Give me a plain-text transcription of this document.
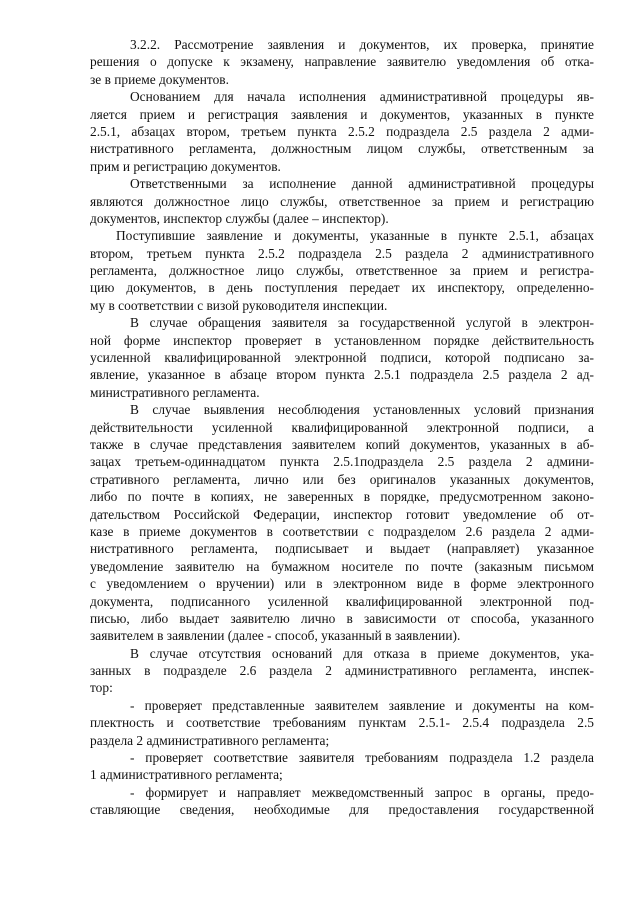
3.2.2. Рассмотрение заявления и документов, их проверка, принятие
решения о допуске к экзамену, направление заявителю уведомления об отка-
зе в приеме документов.
Основанием для начала исполнения административной процедуры яв-
ляется прием и регистрация заявления и документов, указанных в пункте
2.5.1, абзацах втором, третьем пункта 2.5.2 подраздела 2.5 раздела 2 адми-
нистративного регламента, должностным лицом службы, ответственным за
прим и регистрацию документов.
Ответственными за исполнение данной административной процедуры
являются должностное лицо службы, ответственное за прием и регистрацию
документов, инспектор службы (далее – инспектор).
Поступившие заявление и документы, указанные в пункте 2.5.1, абзацах
втором, третьем пункта 2.5.2 подраздела 2.5 раздела 2 административного
регламента, должностное лицо службы, ответственное за прием и регистра-
цию документов, в день поступления передает их инспектору, определенно-
му в соответствии с визой руководителя инспекции.
В случае обращения заявителя за государственной услугой в электрон-
ной форме инспектор проверяет в установленном порядке действительность
усиленной квалифицированной электронной подписи, которой подписано за-
явление, указанное в абзаце втором пункта 2.5.1 подраздела 2.5 раздела 2 ад-
министративного регламента.
В случае выявления несоблюдения установленных условий признания
действительности усиленной квалифицированной электронной подписи, а
также в случае представления заявителем копий документов, указанных в аб-
зацах третьем-одиннадцатом пункта 2.5.1подраздела 2.5 раздела 2 админи-
стративного регламента, лично или без оригиналов указанных документов,
либо по почте в копиях, не заверенных в порядке, предусмотренном законо-
дательством Российской Федерации, инспектор готовит уведомление об от-
казе в приеме документов в соответствии с подразделом 2.6 раздела 2 адми-
нистративного регламента, подписывает и выдает (направляет) указанное
уведомление заявителю на бумажном носителе по почте (заказным письмом
с уведомлением о вручении) или в электронном виде в форме электронного
документа, подписанного усиленной квалифицированной электронной под-
писью, либо выдает заявителю лично в зависимости от способа, указанного
заявителем в заявлении (далее - способ, указанный в заявлении).
В случае отсутствия оснований для отказа в приеме документов, ука-
занных в подразделе 2.6 раздела 2 административного регламента, инспек-
тор:
- проверяет представленные заявителем заявление и документы на ком-
плектность и соответствие требованиям пунктам 2.5.1- 2.5.4 подраздела 2.5
раздела 2 административного регламента;
- проверяет соответствие заявителя требованиям подраздела 1.2 раздела
1 административного регламента;
- формирует и направляет межведомственный запрос в органы, предо-
ставляющие сведения, необходимые для предоставления государственной
